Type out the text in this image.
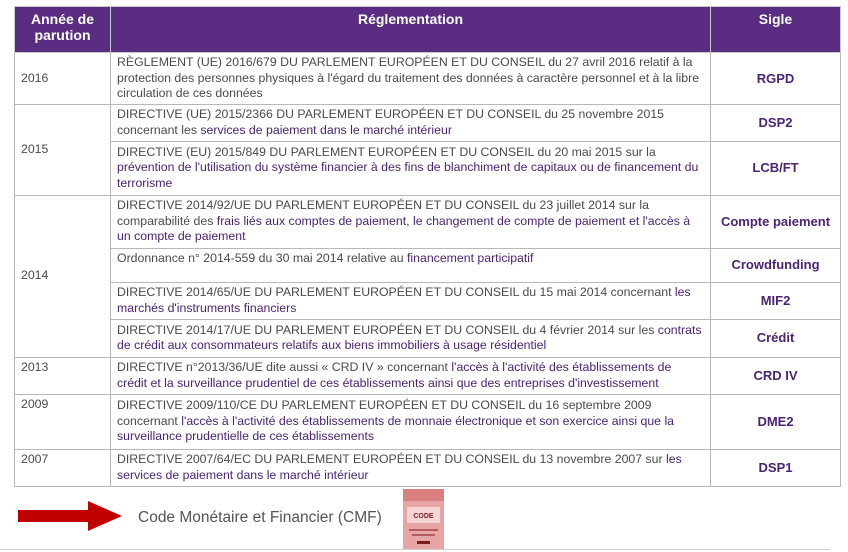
Année de parution	Réglementation	Sigle
2016	RÈGLEMENT (UE) 2016/679 DU PARLEMENT EUROPÉEN ET DU CONSEIL du 27 avril 2016 relatif à la protection des personnes physiques à l'égard du traitement des données à caractère personnel et à la libre circulation de ces données	RGPD
2015	DIRECTIVE (UE) 2015/2366 DU PARLEMENT EUROPÉEN ET DU CONSEIL du 25 novembre 2015 concernant les services de paiement dans le marché intérieur	DSP2
	DIRECTIVE (EU) 2015/849 DU PARLEMENT EUROPÉEN ET DU CONSEIL du 20 mai 2015 sur la prévention de l'utilisation du système financier à des fins de blanchiment de capitaux ou de financement du terrorisme	LCB/FT
2014	DIRECTIVE 2014/92/UE DU PARLEMENT EUROPÉEN ET DU CONSEIL du 23 juillet 2014 sur la comparabilité des frais liés aux comptes de paiement, le changement de compte de paiement et l'accès à un compte de paiement	Compte paiement
	Ordonnance n° 2014-559 du 30 mai 2014 relative au financement participatif	Crowdfunding
	DIRECTIVE 2014/65/UE DU PARLEMENT EUROPÉEN ET DU CONSEIL du 15 mai 2014 concernant les marchés d'instruments financiers	MIF2
	DIRECTIVE 2014/17/UE DU PARLEMENT EUROPÉEN ET DU CONSEIL du 4 février 2014 sur les contrats de crédit aux consommateurs relatifs aux biens immobiliers à usage résidentiel	Crédit
2013	DIRECTIVE n°2013/36/UE dite aussi « CRD IV » concernant l'accès à l'activité des établissements de crédit et la surveillance prudentiel de ces établissements ainsi que des entreprises d'investissement	CRD IV
2009	DIRECTIVE 2009/110/CE DU PARLEMENT EUROPÉEN ET DU CONSEIL du 16 septembre 2009 concernant l'accès à l'activité des établissements de monnaie électronique et son exercice ainsi que la surveillance prudentielle de ces établissements	DME2
2007	DIRECTIVE 2007/64/EC DU PARLEMENT EUROPÉEN ET DU CONSEIL du 13 novembre 2007 sur les services de paiement dans le marché intérieur	DSP1
Code Monétaire et Financier (CMF)	CODE
